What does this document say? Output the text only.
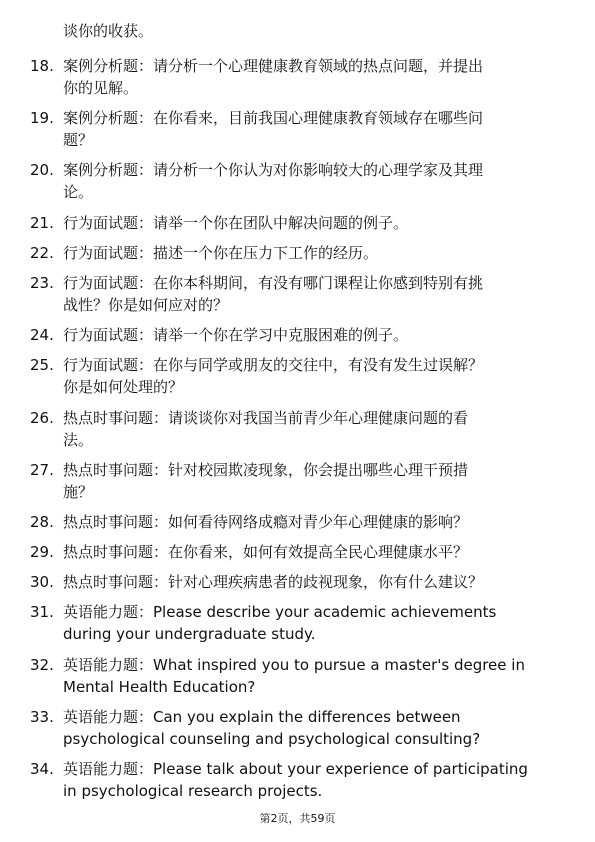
谈你的收获。

18. 案例分析题：请分析一个心理健康教育领域的热点问题，并提出
你的见解。
19. 案例分析题：在你看来，目前我国心理健康教育领域存在哪些问
题？
20. 案例分析题：请分析一个你认为对你影响较大的心理学家及其理
论。
21. 行为面试题：请举一个你在团队中解决问题的例子。
22. 行为面试题：描述一个你在压力下工作的经历。
23. 行为面试题：在你本科期间，有没有哪门课程让你感到特别有挑
战性？你是如何应对的？
24. 行为面试题：请举一个你在学习中克服困难的例子。
25. 行为面试题：在你与同学或朋友的交往中，有没有发生过误解？
你是如何处理的？
26. 热点时事问题：请谈谈你对我国当前青少年心理健康问题的看
法。
27. 热点时事问题：针对校园欺凌现象，你会提出哪些心理干预措
施？
28. 热点时事问题：如何看待网络成瘾对青少年心理健康的影响？
29. 热点时事问题：在你看来，如何有效提高全民心理健康水平？
30. 热点时事问题：针对心理疾病患者的歧视现象，你有什么建议？
31. 英语能力题：Please describe your academic achievements
during your undergraduate study.
32. 英语能力题：What inspired you to pursue a master's degree in
Mental Health Education?
33. 英语能力题：Can you explain the differences between
psychological counseling and psychological consulting?
34. 英语能力题：Please talk about your experience of participating
in psychological research projects.
第2页，共59页
